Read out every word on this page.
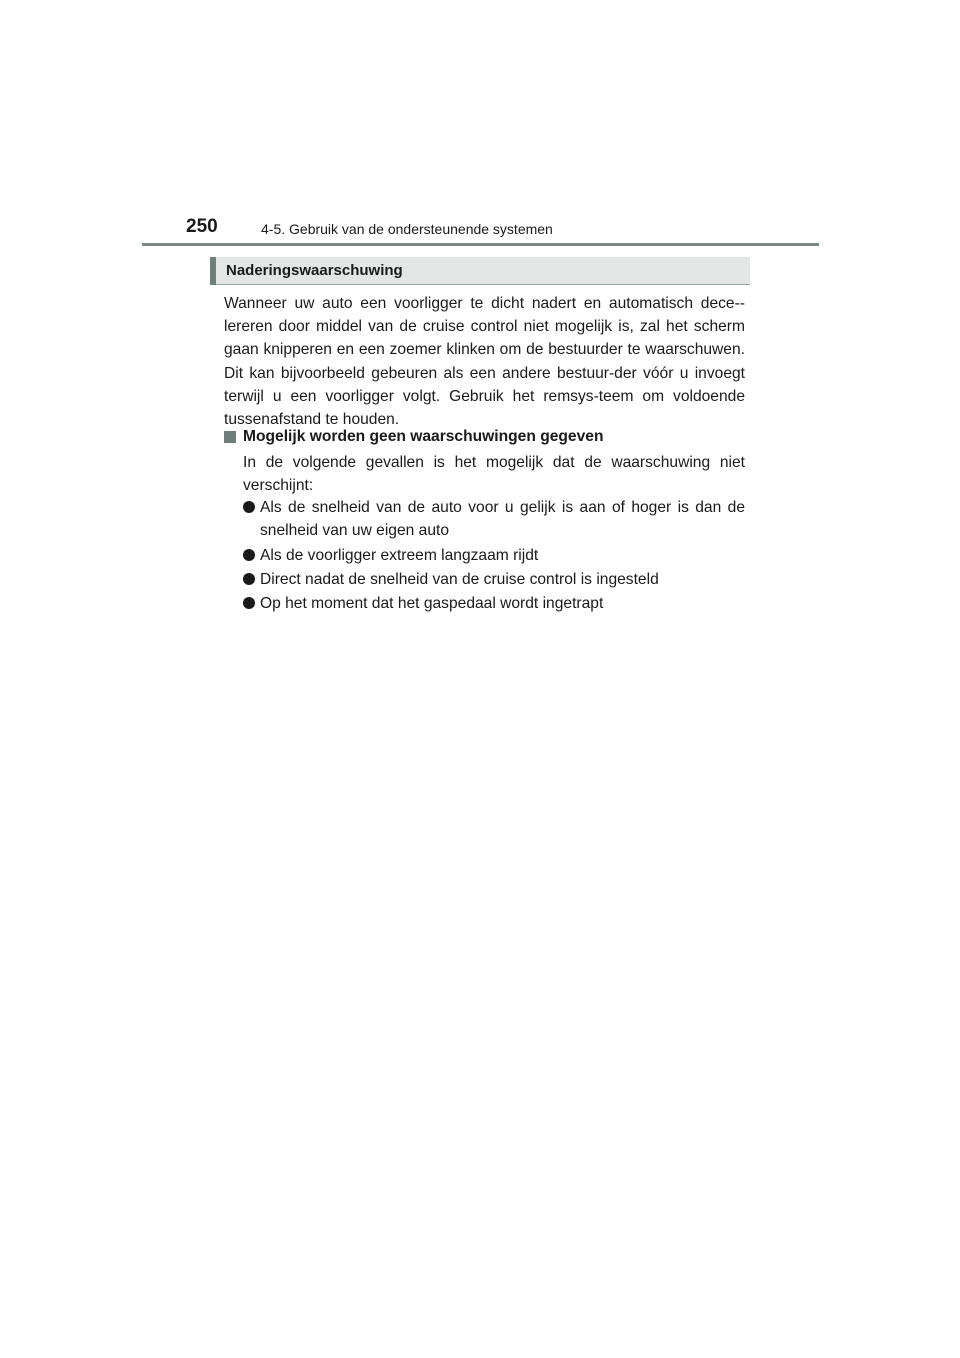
250	4-5. Gebruik van de ondersteunende systemen
Naderingswaarschuwing

Wanneer uw auto een voorligger te dicht nadert en automatisch dece-lereren door middel van de cruise control niet mogelijk is, zal het scherm gaan knipperen en een zoemer klinken om de bestuurder te waarschuwen. Dit kan bijvoorbeeld gebeuren als een andere bestuur-der vóór u invoegt terwijl u een voorligger volgt. Gebruik het remsys-teem om voldoende tussenafstand te houden.

Mogelijk worden geen waarschuwingen gegeven

In de volgende gevallen is het mogelijk dat de waarschuwing niet verschijnt:

Als de snelheid van de auto voor u gelijk is aan of hoger is dan de snelheid van uw eigen auto
Als de voorligger extreem langzaam rijdt
Direct nadat de snelheid van de cruise control is ingesteld
Op het moment dat het gaspedaal wordt ingetrapt
